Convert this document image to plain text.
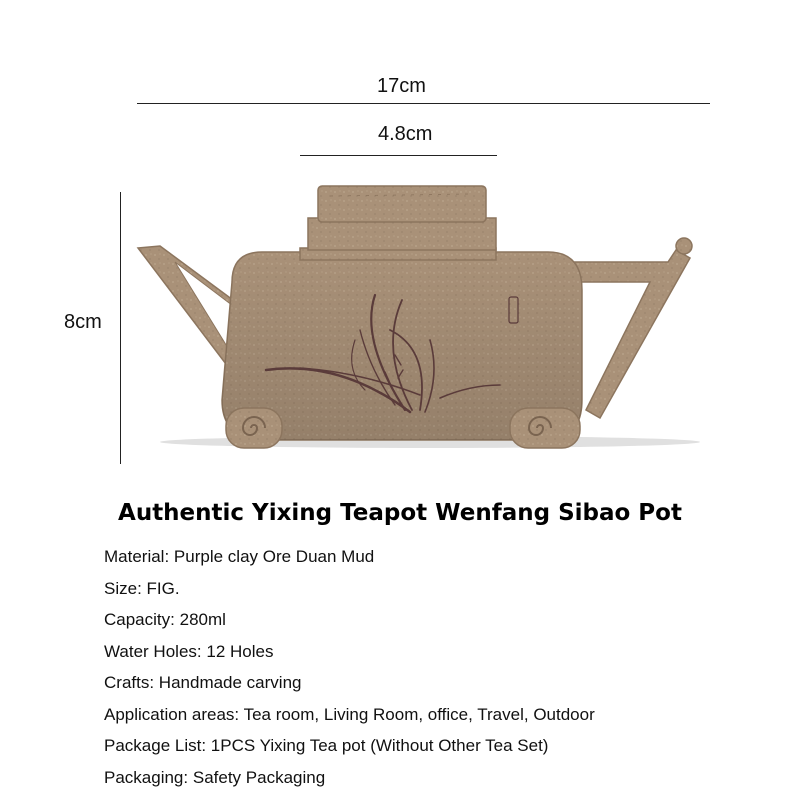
17cm
4.8cm
8cm
Authentic Yixing Teapot Wenfang Sibao Pot
Material: Purple clay Ore Duan Mud
Size: FIG.
Capacity: 280ml
Water Holes: 12 Holes
Crafts: Handmade carving
Application areas: Tea room, Living Room, office, Travel, Outdoor
Package List: 1PCS Yixing Tea pot (Without Other Tea Set)
Packaging: Safety Packaging
